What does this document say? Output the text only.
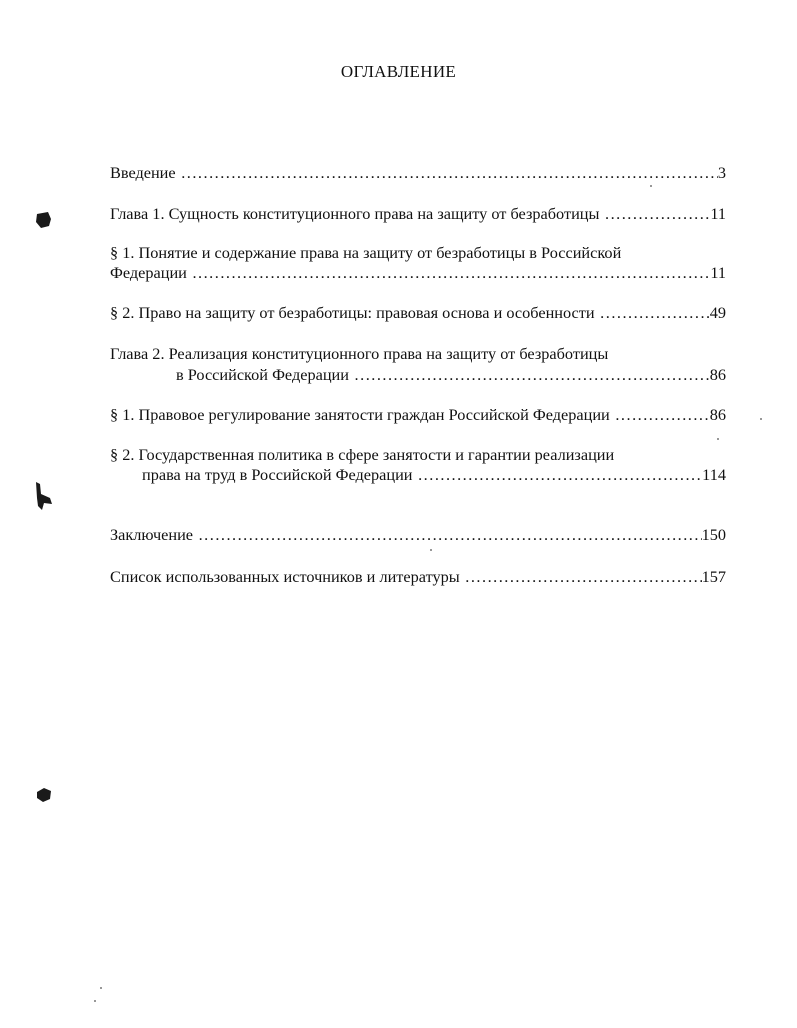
ОГЛАВЛЕНИЕ
Введение .....	3
Глава 1. Сущность конституционного права на защиту от безработицы .....	11
§ 1. Понятие и содержание права на защиту от безработицы в Российской
Федерации .....	11
§ 2. Право на защиту от безработицы: правовая основа и особенности .....	49
Глава 2. Реализация конституционного права на защиту от безработицы
в Российской Федерации .....	86
§ 1. Правовое регулирование занятости граждан Российской Федерации .....	86
§ 2. Государственная политика в сфере занятости и гарантии реализации
права на труд в Российской Федерации .....	114
Заключение .....	150
Список использованных источников и литературы .....	157
